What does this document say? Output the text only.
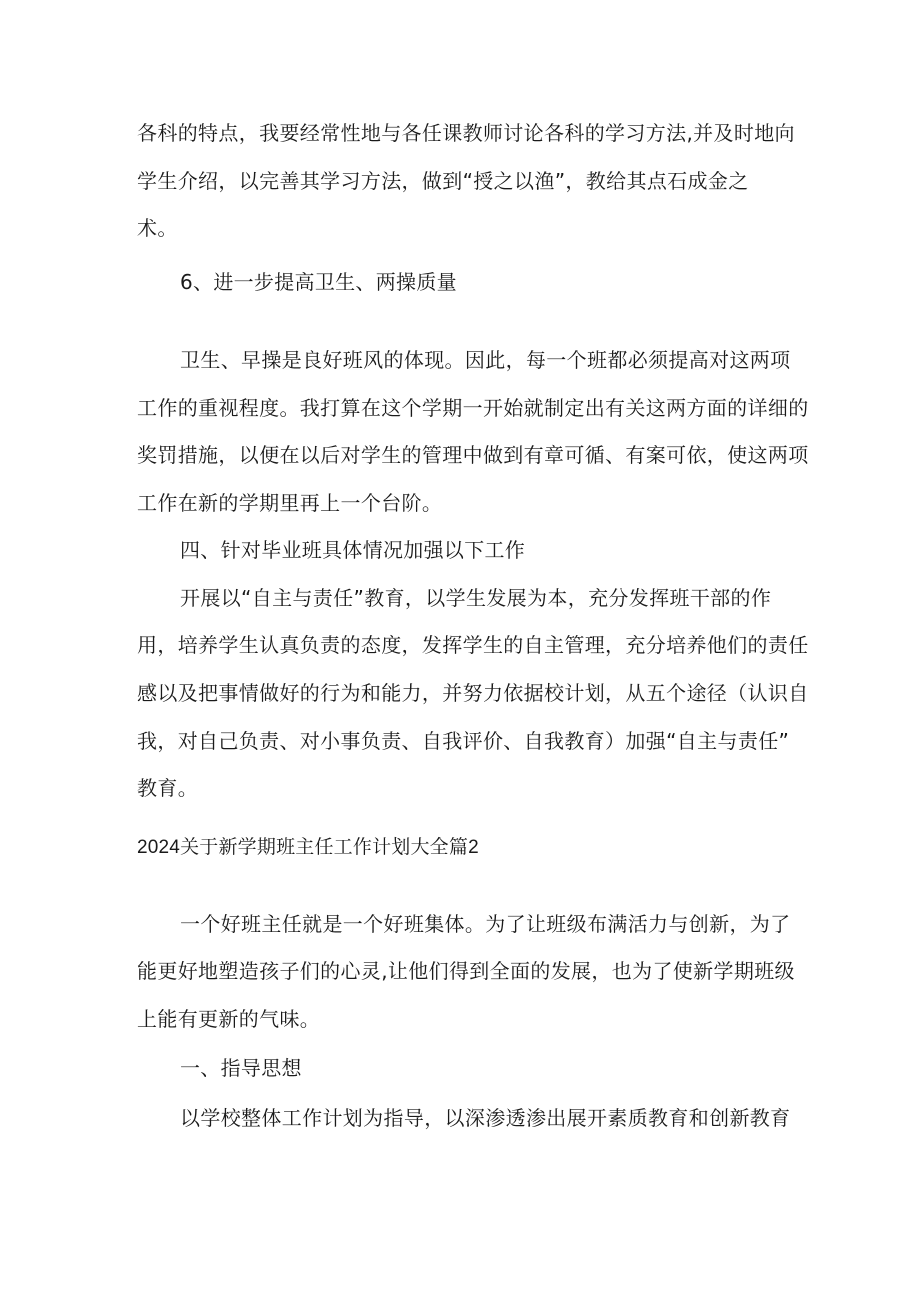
各科的特点，我要经常性地与各任课教师讨论各科的学习方法,并及时地向
学生介绍，以完善其学习方法，做到“授之以渔”，教给其点石成金之
术。
6、进一步提高卫生、两操质量
卫生、早操是良好班风的体现。因此，每一个班都必须提高对这两项
工作的重视程度。我打算在这个学期一开始就制定出有关这两方面的详细的
奖罚措施，以便在以后对学生的管理中做到有章可循、有案可依，使这两项
工作在新的学期里再上一个台阶。
四、针对毕业班具体情况加强以下工作
开展以“自主与责任”教育，以学生发展为本，充分发挥班干部的作
用，培养学生认真负责的态度，发挥学生的自主管理，充分培养他们的责任
感以及把事情做好的行为和能力，并努力依据校计划，从五个途径（认识自
我，对自己负责、对小事负责、自我评价、自我教育）加强“自主与责任”
教育。
2024关于新学期班主任工作计划大全篇2
一个好班主任就是一个好班集体。为了让班级布满活力与创新，为了
能更好地塑造孩子们的心灵,让他们得到全面的发展，也为了使新学期班级
上能有更新的气味。
一、指导思想
以学校整体工作计划为指导，以深渗透渗出展开素质教育和创新教育
